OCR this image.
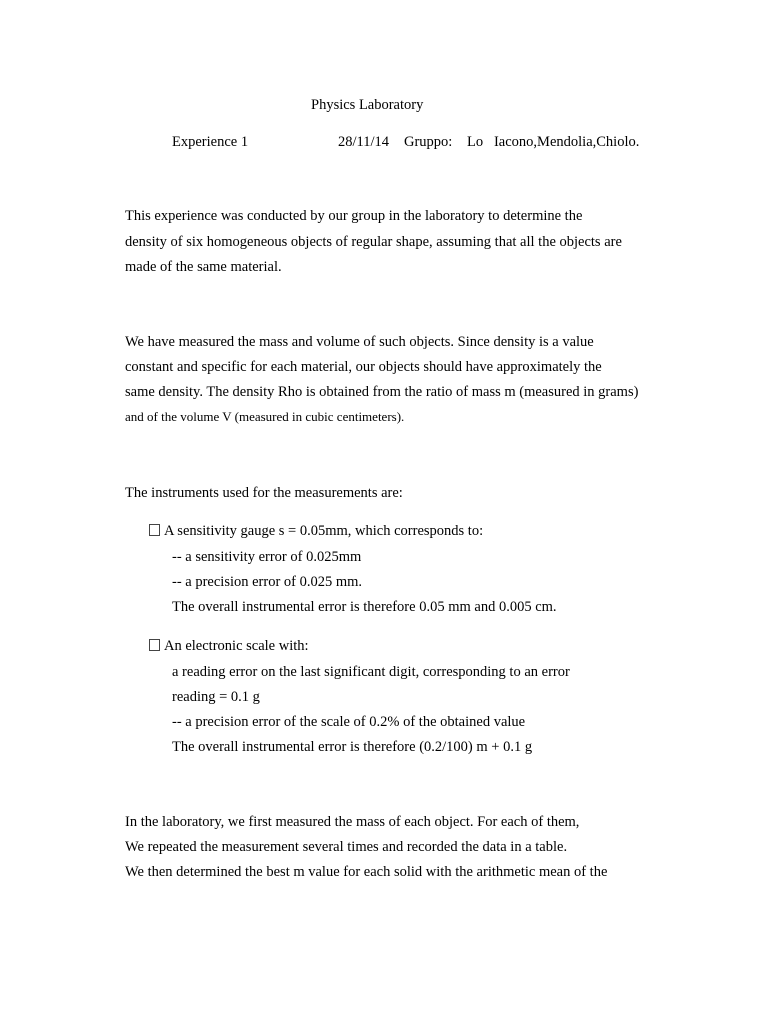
Physics Laboratory
Experience 1	28/11/14 Gruppo: Lo   Iacono,Mendolia,Chiolo.
This experience was conducted by our group in the laboratory to determine the
density of six homogeneous objects of regular shape, assuming that all the objects are
made of the same material.
We have measured the mass and volume of such objects. Since density is a value
constant and specific for each material, our objects should have approximately the
same density. The density Rho is obtained from the ratio of mass m (measured in grams)
and of the volume V (measured in cubic centimeters).
The instruments used for the measurements are:
A sensitivity gauge s = 0.05mm, which corresponds to:
-- a sensitivity error of 0.025mm
-- a precision error of 0.025 mm.
The overall instrumental error is therefore 0.05 mm and 0.005 cm.
An electronic scale with:
a reading error on the last significant digit, corresponding to an error
reading = 0.1 g
-- a precision error of the scale of 0.2% of the obtained value
The overall instrumental error is therefore (0.2/100) m + 0.1 g
In the laboratory, we first measured the mass of each object. For each of them,
We repeated the measurement several times and recorded the data in a table.
We then determined the best m value for each solid with the arithmetic mean of the
